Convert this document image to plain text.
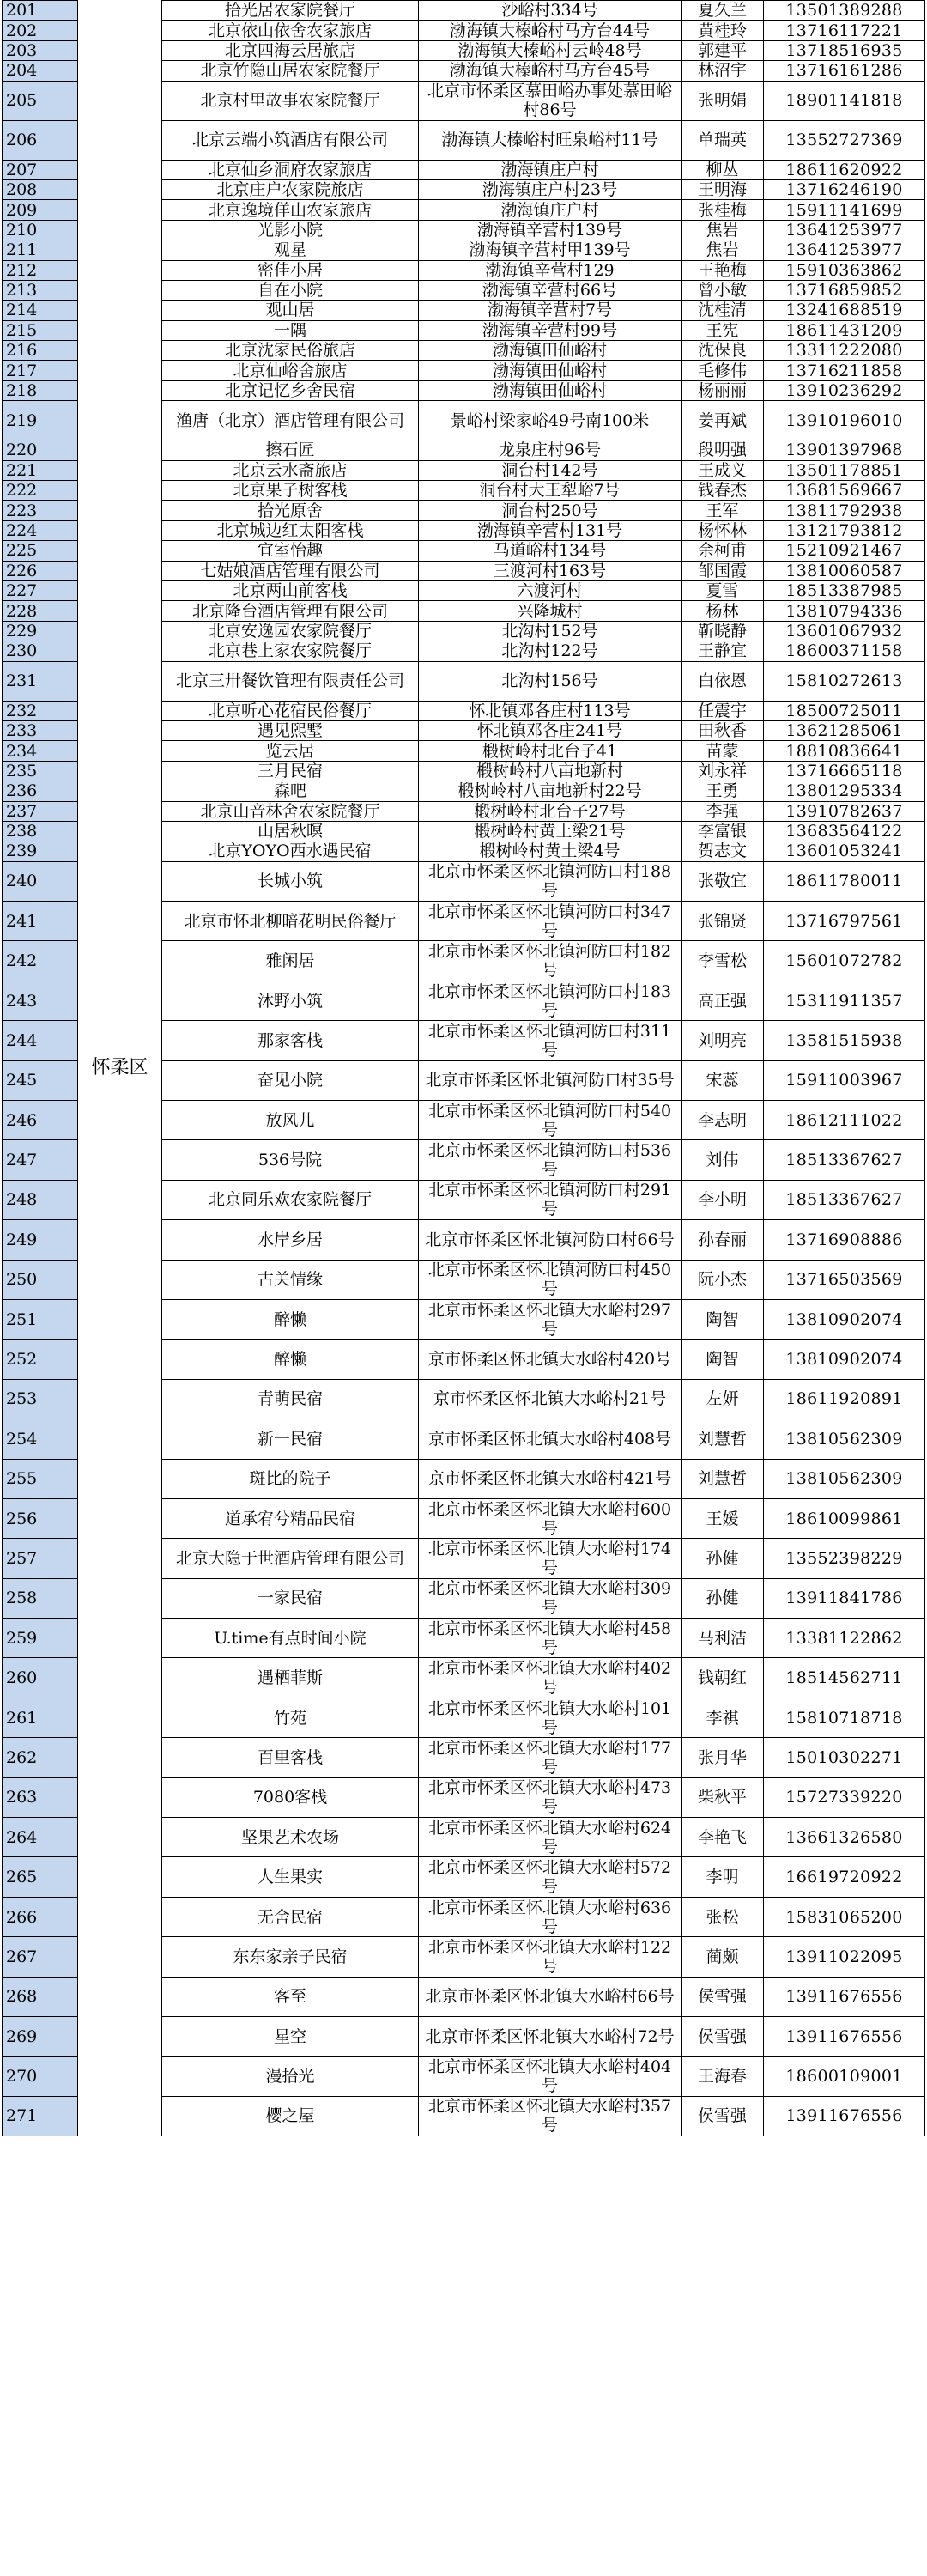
201	怀柔区	拾光居农家院餐厅	沙峪村334号	夏久兰	13501389288
202		北京依山依舍农家旅店	渤海镇大榛峪村马方台44号	黄桂玲	13716117221
203		北京四海云居旅店	渤海镇大榛峪村云岭48号	郭建平	13718516935
204		北京竹隐山居农家院餐厅	渤海镇大榛峪村马方台45号	林沼宇	13716161286
205		北京村里故事农家院餐厅	北京市怀柔区慕田峪办事处慕田峪村86号	张明娟	18901141818
206		北京云端小筑酒店有限公司	渤海镇大榛峪村旺泉峪村11号	单瑞英	13552727369
207		北京仙乡洞府农家旅店	渤海镇庄户村	柳丛	18611620922
208		北京庄户农家院旅店	渤海镇庄户村23号	王明海	13716246190
209		北京逸境佯山农家旅店	渤海镇庄户村	张桂梅	15911141699
210		光影小院	渤海镇辛营村139号	焦岩	13641253977
211		观星	渤海镇辛营村甲139号	焦岩	13641253977
212		密佳小居	渤海镇辛营村129	王艳梅	15910363862
213		自在小院	渤海镇辛营村66号	曾小敏	13716859852
214		观山居	渤海镇辛营村7号	沈桂清	13241688519
215		一隅	渤海镇辛营村99号	王宪	18611431209
216		北京沈家民俗旅店	渤海镇田仙峪村	沈保良	13311222080
217		北京仙峪舍旅店	渤海镇田仙峪村	毛修伟	13716211858
218		北京记忆乡舍民宿	渤海镇田仙峪村	杨丽丽	13910236292
219		渔唐（北京）酒店管理有限公司	景峪村梁家峪49号南100米	姜再斌	13910196010
220		擦石匠	龙泉庄村96号	段明强	13901397968
221		北京云水斋旅店	洞台村142号	王成义	13501178851
222		北京果子树客栈	洞台村大王犁峪7号	钱春杰	13681569667
223		拾光原舍	洞台村250号	王军	13811792938
224		北京城边红太阳客栈	渤海镇辛营村131号	杨怀林	13121793812
225		宜室怡趣	马道峪村134号	余柯甫	15210921467
226		七姑娘酒店管理有限公司	三渡河村163号	邹国霞	13810060587
227		北京两山前客栈	六渡河村	夏雪	18513387985
228		北京隆台酒店管理有限公司	兴隆城村	杨林	13810794336
229		北京安逸园农家院餐厅	北沟村152号	靳晓静	13601067932
230		北京巷上家农家院餐厅	北沟村122号	王静宜	18600371158
231		北京三卅餐饮管理有限责任公司	北沟村156号	白依恩	15810272613
232		北京听心花宿民俗餐厅	怀北镇邓各庄村113号	任震宇	18500725011
233		遇见熙墅	怀北镇邓各庄241号	田秋香	13621285061
234		览云居	椴树岭村北台子41	苗蒙	18810836641
235		三月民宿	椴树岭村八亩地新村	刘永祥	13716665118
236		森吧	椴树岭村八亩地新村22号	王勇	13801295334
237		北京山音林舍农家院餐厅	椴树岭村北台子27号	李强	13910782637
238		山居秋暝	椴树岭村黄土梁21号	李富银	13683564122
239		北京YOYO西水遇民宿	椴树岭村黄土梁4号	贺志文	13601053241
240		长城小筑	北京市怀柔区怀北镇河防口村188号	张敬宜	18611780011
241		北京市怀北柳暗花明民俗餐厅	北京市怀柔区怀北镇河防口村347号	张锦贤	13716797561
242		雅闲居	北京市怀柔区怀北镇河防口村182号	李雪松	15601072782
243		沐野小筑	北京市怀柔区怀北镇河防口村183号	高正强	15311911357
244		那家客栈	北京市怀柔区怀北镇河防口村311号	刘明亮	13581515938
245		奋见小院	北京市怀柔区怀北镇河防口村35号	宋蕊	15911003967
246		放风儿	北京市怀柔区怀北镇河防口村540号	李志明	18612111022
247		536号院	北京市怀柔区怀北镇河防口村536号	刘伟	18513367627
248		北京同乐欢农家院餐厅	北京市怀柔区怀北镇河防口村291号	李小明	18513367627
249		水岸乡居	北京市怀柔区怀北镇河防口村66号	孙春丽	13716908886
250		古关情缘	北京市怀柔区怀北镇河防口村450号	阮小杰	13716503569
251		醉懒	北京市怀柔区怀北镇大水峪村297号	陶智	13810902074
252		醉懒	京市怀柔区怀北镇大水峪村420号	陶智	13810902074
253		青萌民宿	京市怀柔区怀北镇大水峪村21号	左妍	18611920891
254		新一民宿	京市怀柔区怀北镇大水峪村408号	刘慧哲	13810562309
255		斑比的院子	京市怀柔区怀北镇大水峪村421号	刘慧哲	13810562309
256		道承宥兮精品民宿	北京市怀柔区怀北镇大水峪村600号	王媛	18610099861
257		北京大隐于世酒店管理有限公司	北京市怀柔区怀北镇大水峪村174号	孙健	13552398229
258		一家民宿	北京市怀柔区怀北镇大水峪村309号	孙健	13911841786
259		U.time有点时间小院	北京市怀柔区怀北镇大水峪村458号	马利洁	13381122862
260		遇栖菲斯	北京市怀柔区怀北镇大水峪村402号	钱朝红	18514562711
261		竹苑	北京市怀柔区怀北镇大水峪村101号	李祺	15810718718
262		百里客栈	北京市怀柔区怀北镇大水峪村177号	张月华	15010302271
263		7080客栈	北京市怀柔区怀北镇大水峪村473号	柴秋平	15727339220
264		坚果艺术农场	北京市怀柔区怀北镇大水峪村624号	李艳飞	13661326580
265		人生果实	北京市怀柔区怀北镇大水峪村572号	李明	16619720922
266		无舍民宿	北京市怀柔区怀北镇大水峪村636号	张松	15831065200
267		东东家亲子民宿	北京市怀柔区怀北镇大水峪村122号	蔺颇	13911022095
268		客至	北京市怀柔区怀北镇大水峪村66号	侯雪强	13911676556
269		星空	北京市怀柔区怀北镇大水峪村72号	侯雪强	13911676556
270		漫拾光	北京市怀柔区怀北镇大水峪村404号	王海春	18600109001
271		樱之屋	北京市怀柔区怀北镇大水峪村357号	侯雪强	13911676556
